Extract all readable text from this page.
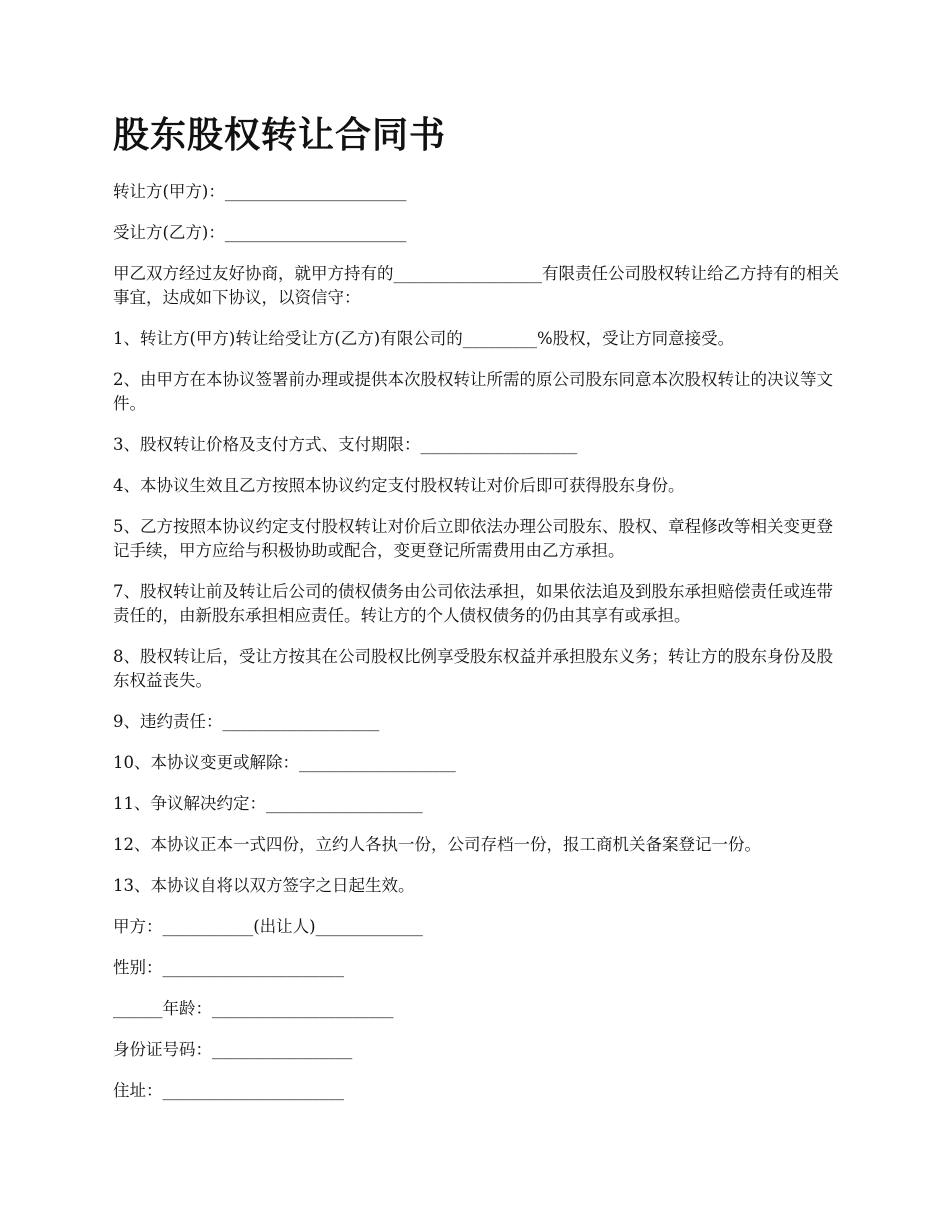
股东股权转让合同书

转让方(甲方)：______________________

受让方(乙方)：______________________

甲乙双方经过友好协商，就甲方持有的__________________有限责任公司股权转让给乙方持有的相关事宜，达成如下协议，以资信守：

1、转让方(甲方)转让给受让方(乙方)有限公司的_________%股权，受让方同意接受。

2、由甲方在本协议签署前办理或提供本次股权转让所需的原公司股东同意本次股权转让的决议等文件。

3、股权转让价格及支付方式、支付期限：___________________

4、本协议生效且乙方按照本协议约定支付股权转让对价后即可获得股东身份。

5、乙方按照本协议约定支付股权转让对价后立即依法办理公司股东、股权、章程修改等相关变更登记手续，甲方应给与积极协助或配合，变更登记所需费用由乙方承担。

7、股权转让前及转让后公司的债权债务由公司依法承担，如果依法追及到股东承担赔偿责任或连带责任的，由新股东承担相应责任。转让方的个人债权债务的仍由其享有或承担。

8、股权转让后，受让方按其在公司股权比例享受股东权益并承担股东义务；转让方的股东身份及股东权益丧失。

9、违约责任：___________________

10、本协议变更或解除：___________________

11、争议解决约定：___________________

12、本协议正本一式四份，立约人各执一份，公司存档一份，报工商机关备案登记一份。

13、本协议自将以双方签字之日起生效。

甲方：___________(出让人)_____________

性别：______________________

______年龄：______________________

身份证号码：_________________

住址：______________________
